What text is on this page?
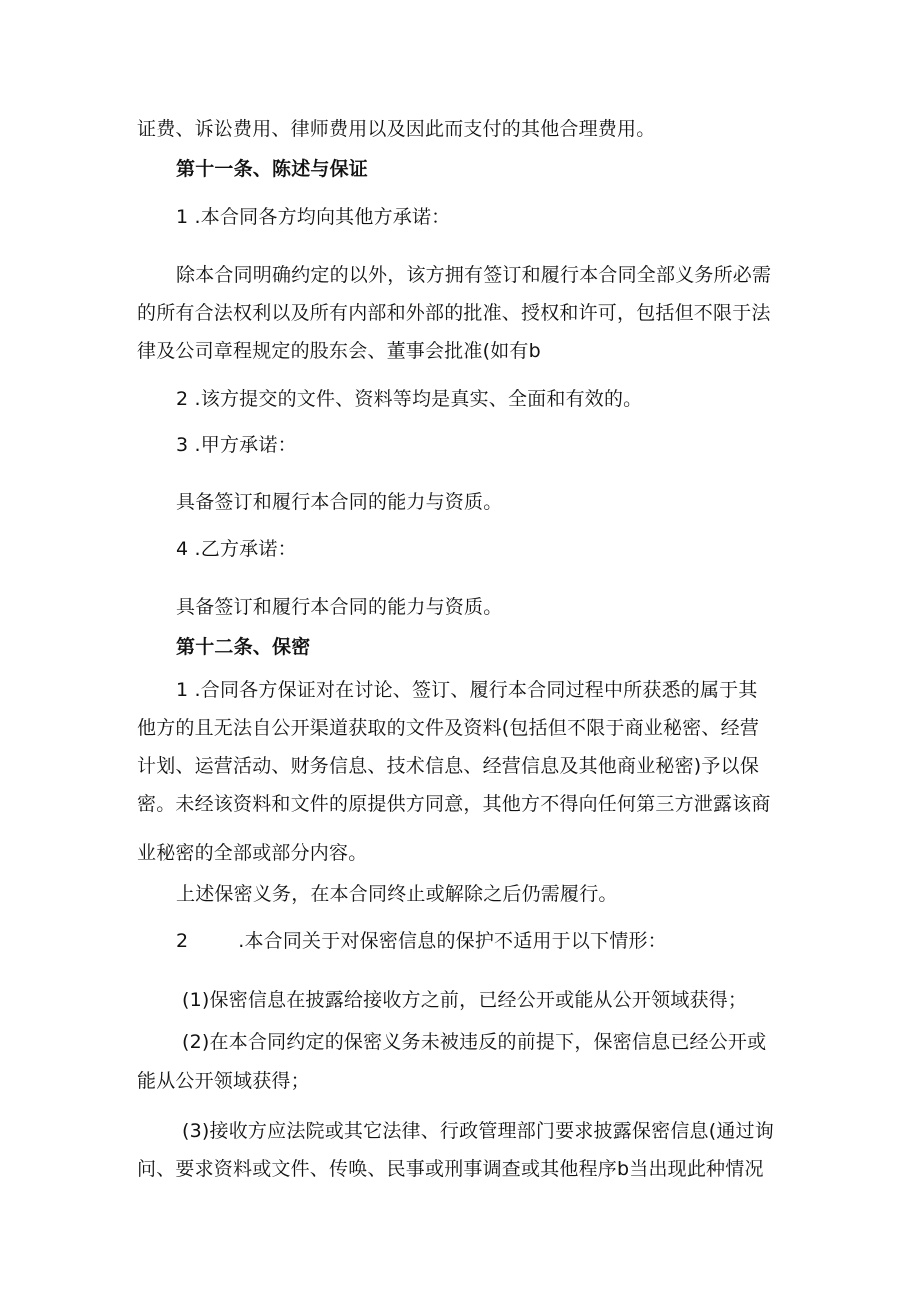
证费、诉讼费用、律师费用以及因此而支付的其他合理费用。

第十一条、陈述与保证

1 .本合同各方均向其他方承诺：

除本合同明确约定的以外，该方拥有签订和履行本合同全部义务所必需

的所有合法权利以及所有内部和外部的批准、授权和许可，包括但不限于法

律及公司章程规定的股东会、董事会批准(如有b

2 .该方提交的文件、资料等均是真实、全面和有效的。

3 .甲方承诺：

具备签订和履行本合同的能力与资质。

4 .乙方承诺：

具备签订和履行本合同的能力与资质。

第十二条、保密

1 .合同各方保证对在讨论、签订、履行本合同过程中所获悉的属于其

他方的且无法自公开渠道获取的文件及资料(包括但不限于商业秘密、经营

计划、运营活动、财务信息、技术信息、经营信息及其他商业秘密)予以保

密。未经该资料和文件的原提供方同意，其他方不得向任何第三方泄露该商

业秘密的全部或部分内容。

上述保密义务，在本合同终止或解除之后仍需履行。

2        .本合同关于对保密信息的保护不适用于以下情形：

(1)保密信息在披露给接收方之前，已经公开或能从公开领域获得；

(2)在本合同约定的保密义务未被违反的前提下，保密信息已经公开或

能从公开领域获得；

(3)接收方应法院或其它法律、行政管理部门要求披露保密信息(通过询

问、要求资料或文件、传唤、民事或刑事调查或其他程序b当出现此种情况
